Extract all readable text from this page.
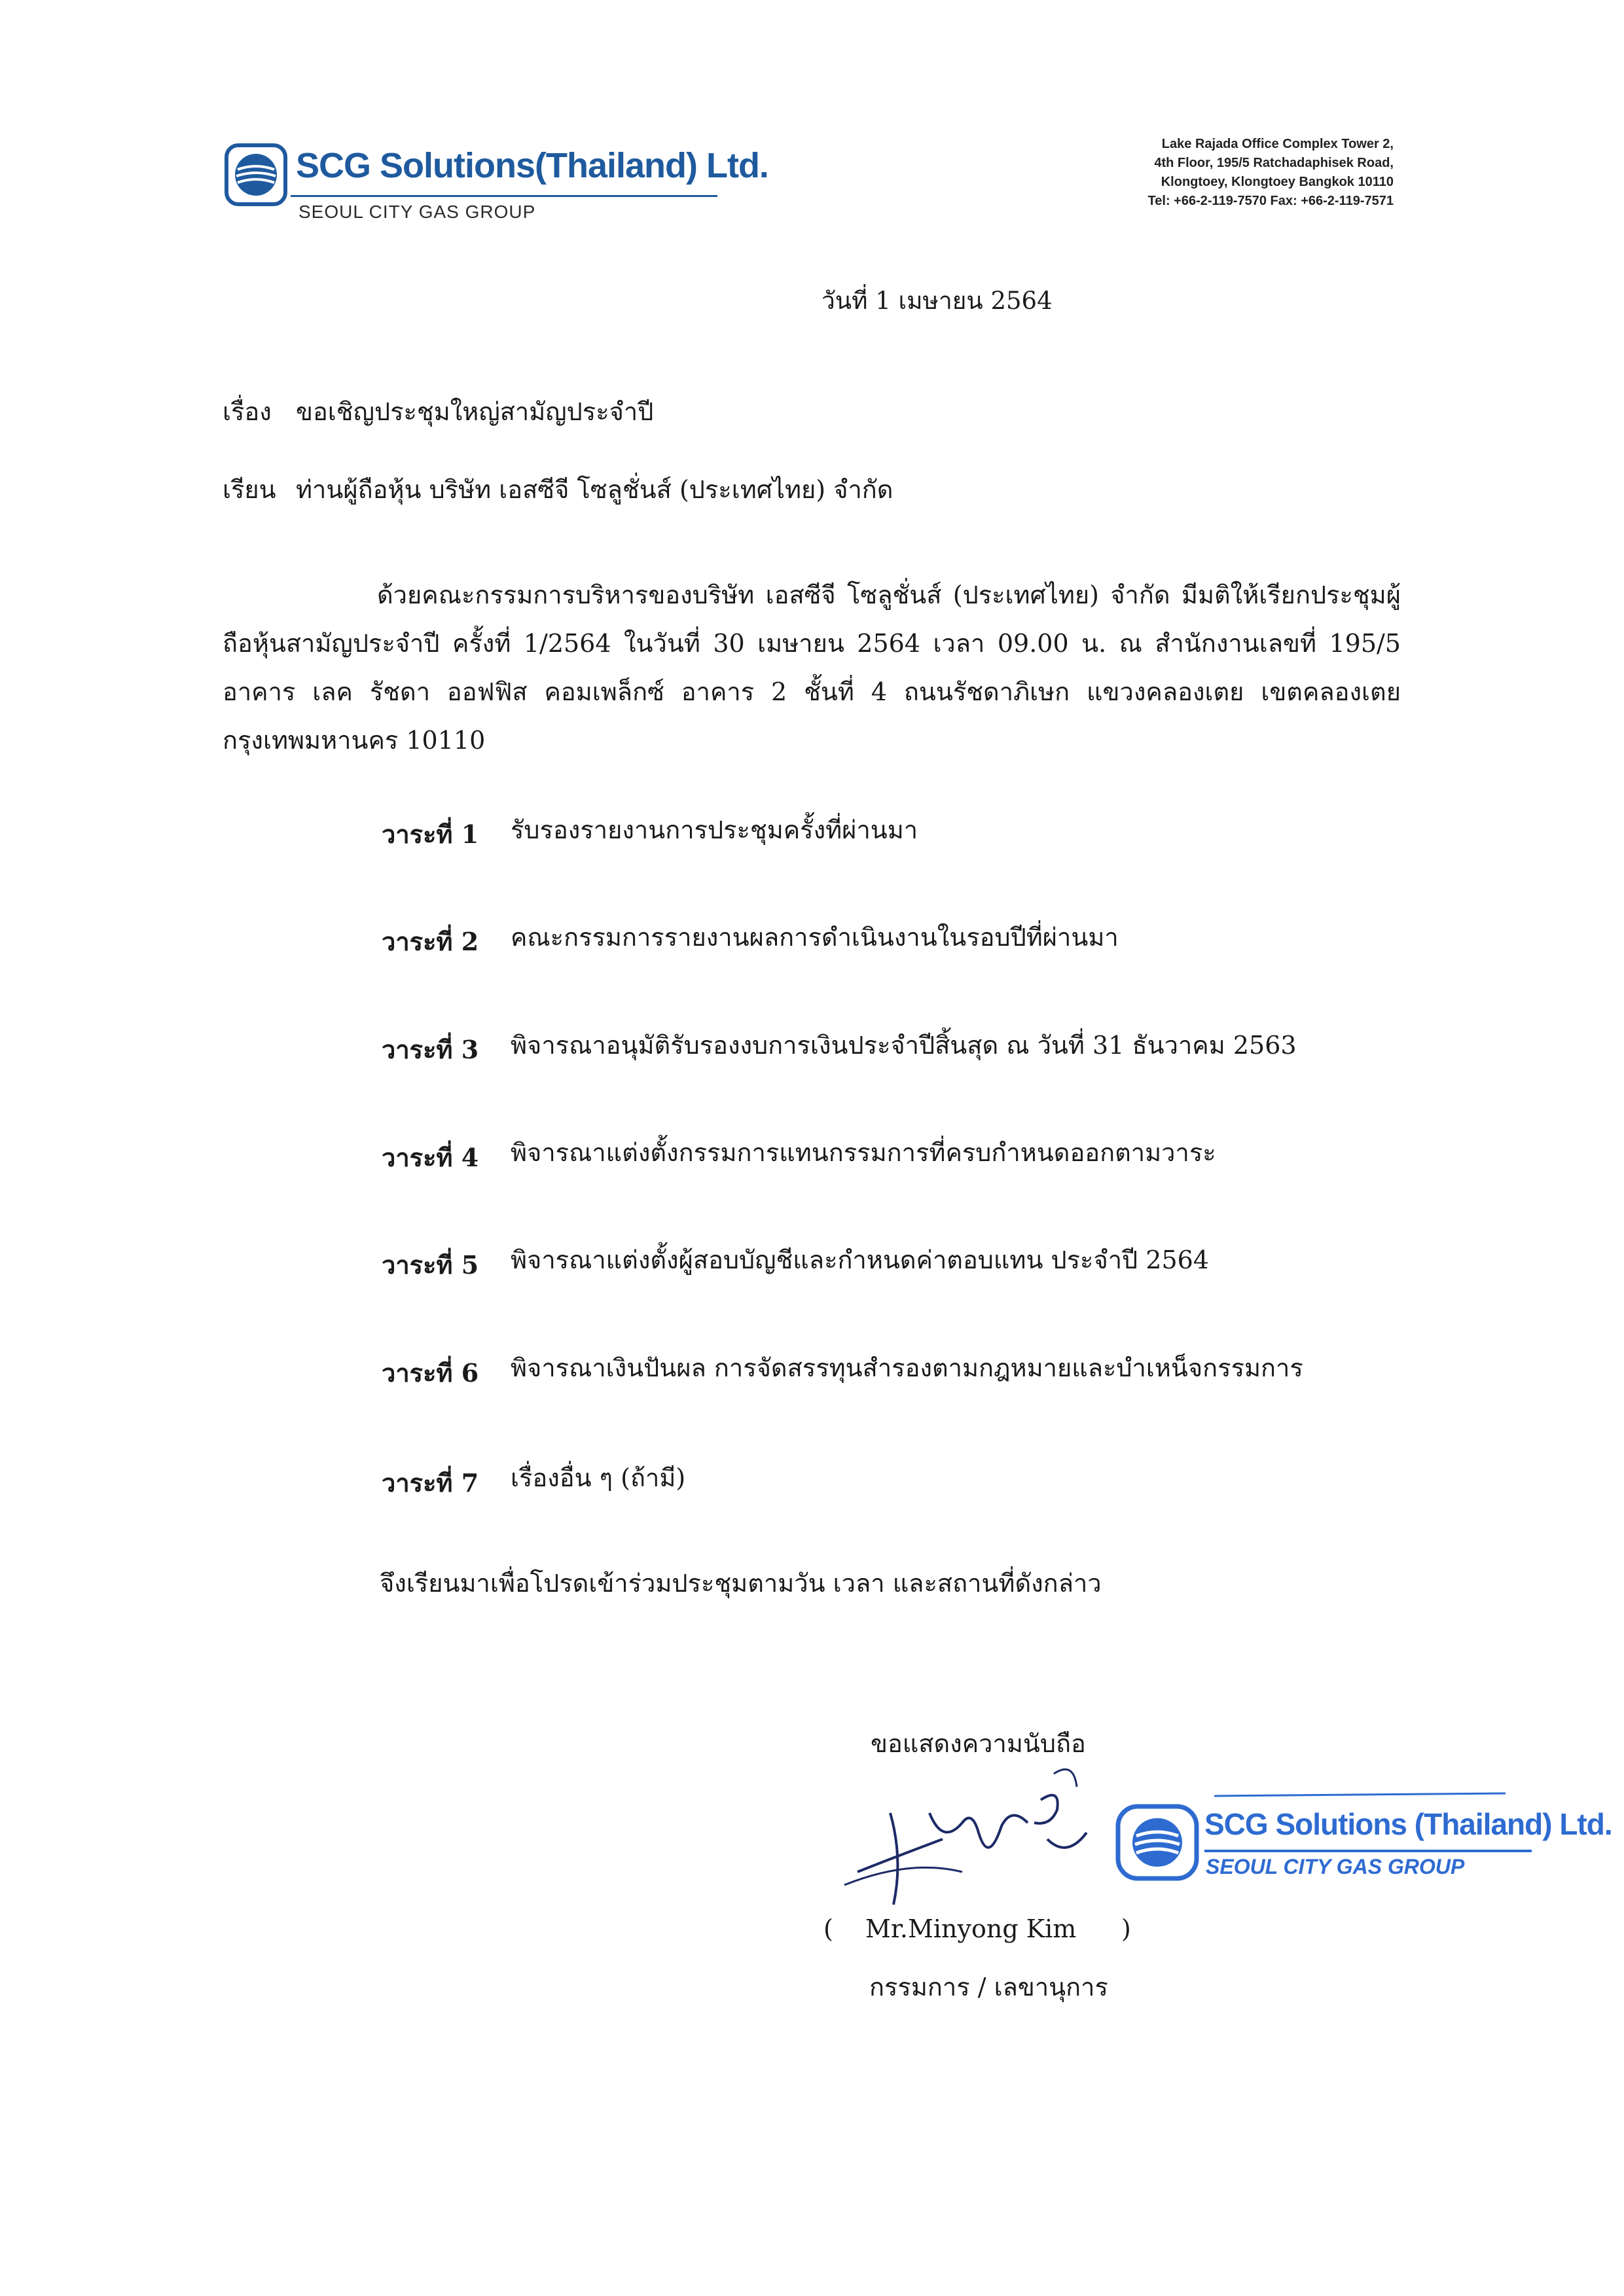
SCG Solutions(Thailand) Ltd.
SEOUL CITY GAS GROUP
Lake Rajada Office Complex Tower 2,
4th Floor, 195/5 Ratchadaphisek Road,
Klongtoey, Klongtoey Bangkok 10110
Tel: +66-2-119-7570 Fax: +66-2-119-7571
วันที่ 1 เมษายน 2564
เรื่อง ขอเชิญประชุมใหญ่สามัญประจำปี
เรียน ท่านผู้ถือหุ้น บริษัท เอสซีจี โซลูชั่นส์ (ประเทศไทย) จำกัด
ด้วยคณะกรรมการบริหารของบริษัท เอสซีจี โซลูชั่นส์ (ประเทศไทย) จำกัด มีมติให้เรียกประชุมผู้ถือหุ้นสามัญประจำปี ครั้งที่ 1/2564 ในวันที่ 30 เมษายน 2564 เวลา 09.00 น. ณ สำนักงานเลขที่ 195/5 อาคาร เลค รัชดา ออฟฟิส คอมเพล็กซ์ อาคาร 2 ชั้นที่ 4 ถนนรัชดาภิเษก แขวงคลองเตย เขตคลองเตย กรุงเทพมหานคร 10110
วาระที่ 1 รับรองรายงานการประชุมครั้งที่ผ่านมา
วาระที่ 2 คณะกรรมการรายงานผลการดำเนินงานในรอบปีที่ผ่านมา
วาระที่ 3 พิจารณาอนุมัติรับรองงบการเงินประจำปีสิ้นสุด ณ วันที่ 31 ธันวาคม 2563
วาระที่ 4 พิจารณาแต่งตั้งกรรมการแทนกรรมการที่ครบกำหนดออกตามวาระ
วาระที่ 5 พิจารณาแต่งตั้งผู้สอบบัญชีและกำหนดค่าตอบแทน ประจำปี 2564
วาระที่ 6 พิจารณาเงินปันผล การจัดสรรทุนสำรองตามกฎหมายและบำเหน็จกรรมการ
วาระที่ 7 เรื่องอื่น ๆ (ถ้ามี)
จึงเรียนมาเพื่อโปรดเข้าร่วมประชุมตามวัน เวลา และสถานที่ดังกล่าว
ขอแสดงความนับถือ
SCG Solutions (Thailand) Ltd.
SEOUL CITY GAS GROUP
( Mr.Minyong Kim )
กรรมการ / เลขานุการ
